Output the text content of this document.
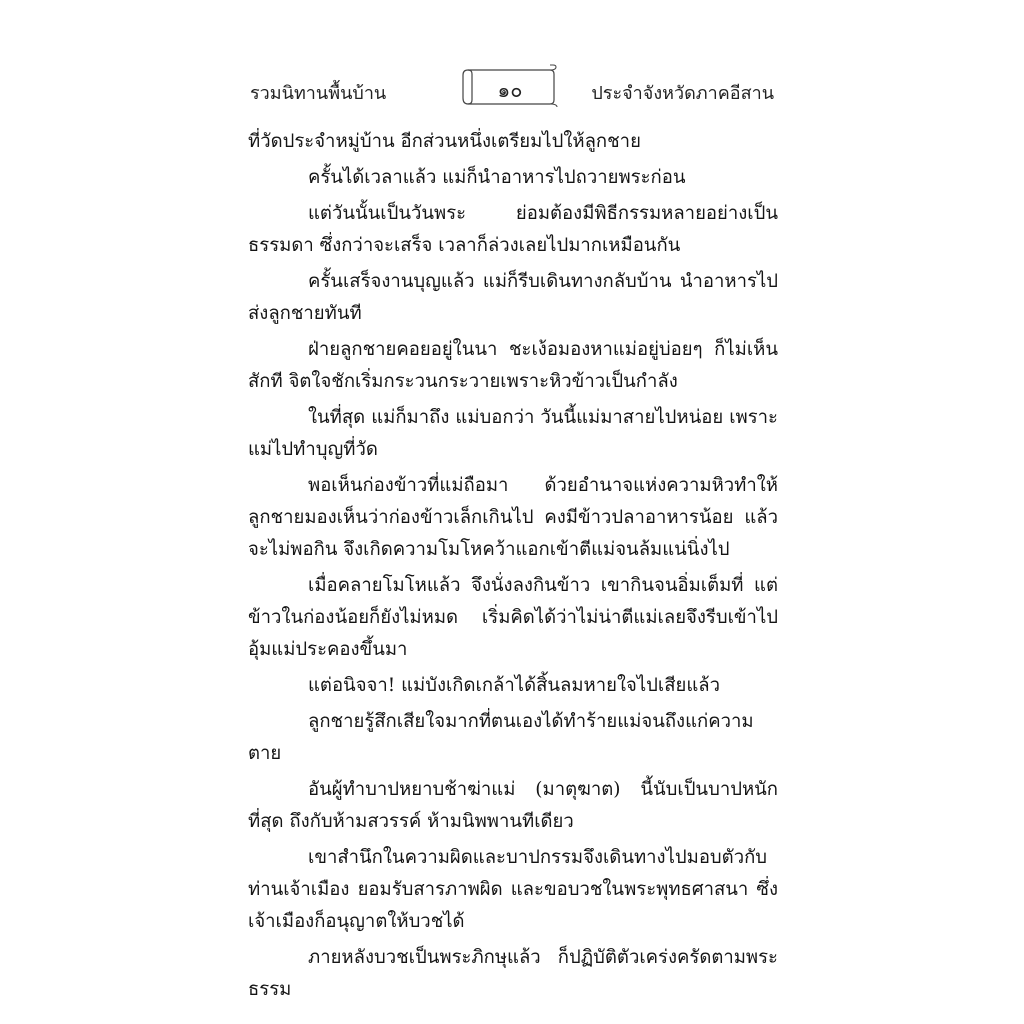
รวมนิทานพื้นบ้าน	๑๐	ประจำจังหวัดภาคอีสาน

ที่วัดประจำหมู่บ้าน อีกส่วนหนึ่งเตรียมไปให้ลูกชาย

ครั้นได้เวลาแล้ว แม่ก็นำอาหารไปถวายพระก่อน

แต่วันนั้นเป็นวันพระ ย่อมต้องมีพิธีกรรมหลายอย่างเป็นธรรมดา ซึ่งกว่าจะเสร็จ เวลาก็ล่วงเลยไปมากเหมือนกัน

ครั้นเสร็จงานบุญแล้ว แม่ก็รีบเดินทางกลับบ้าน นำอาหารไปส่งลูกชายทันที

ฝ่ายลูกชายคอยอยู่ในนา ชะเง้อมองหาแม่อยู่บ่อยๆ ก็ไม่เห็นสักที จิตใจชักเริ่มกระวนกระวายเพราะหิวข้าวเป็นกำลัง

ในที่สุด แม่ก็มาถึง แม่บอกว่า วันนี้แม่มาสายไปหน่อย เพราะแม่ไปทำบุญที่วัด

พอเห็นก่องข้าวที่แม่ถือมา ด้วยอำนาจแห่งความหิวทำให้ลูกชายมองเห็นว่าก่องข้าวเล็กเกินไป คงมีข้าวปลาอาหารน้อย แล้วจะไม่พอกิน จึงเกิดความโมโหคว้าแอกเข้าตีแม่จนล้มแน่นิ่งไป

เมื่อคลายโมโหแล้ว จึงนั่งลงกินข้าว เขากินจนอิ่มเต็มที่ แต่ข้าวในก่องน้อยก็ยังไม่หมด เริ่มคิดได้ว่าไม่น่าตีแม่เลยจึงรีบเข้าไปอุ้มแม่ประคองขึ้นมา

แต่อนิจจา! แม่บังเกิดเกล้าได้สิ้นลมหายใจไปเสียแล้ว

ลูกชายรู้สึกเสียใจมากที่ตนเองได้ทำร้ายแม่จนถึงแก่ความตาย

อันผู้ทำบาปหยาบช้าฆ่าแม่ (มาตุฆาต) นี้นับเป็นบาปหนักที่สุด ถึงกับห้ามสวรรค์ ห้ามนิพพานทีเดียว

เขาสำนึกในความผิดและบาปกรรมจึงเดินทางไปมอบตัวกับท่านเจ้าเมือง ยอมรับสารภาพผิด และขอบวชในพระพุทธศาสนา ซึ่งเจ้าเมืองก็อนุญาตให้บวชได้

ภายหลังบวชเป็นพระภิกษุแล้ว ก็ปฏิบัติตัวเคร่งครัดตามพระธรรม
